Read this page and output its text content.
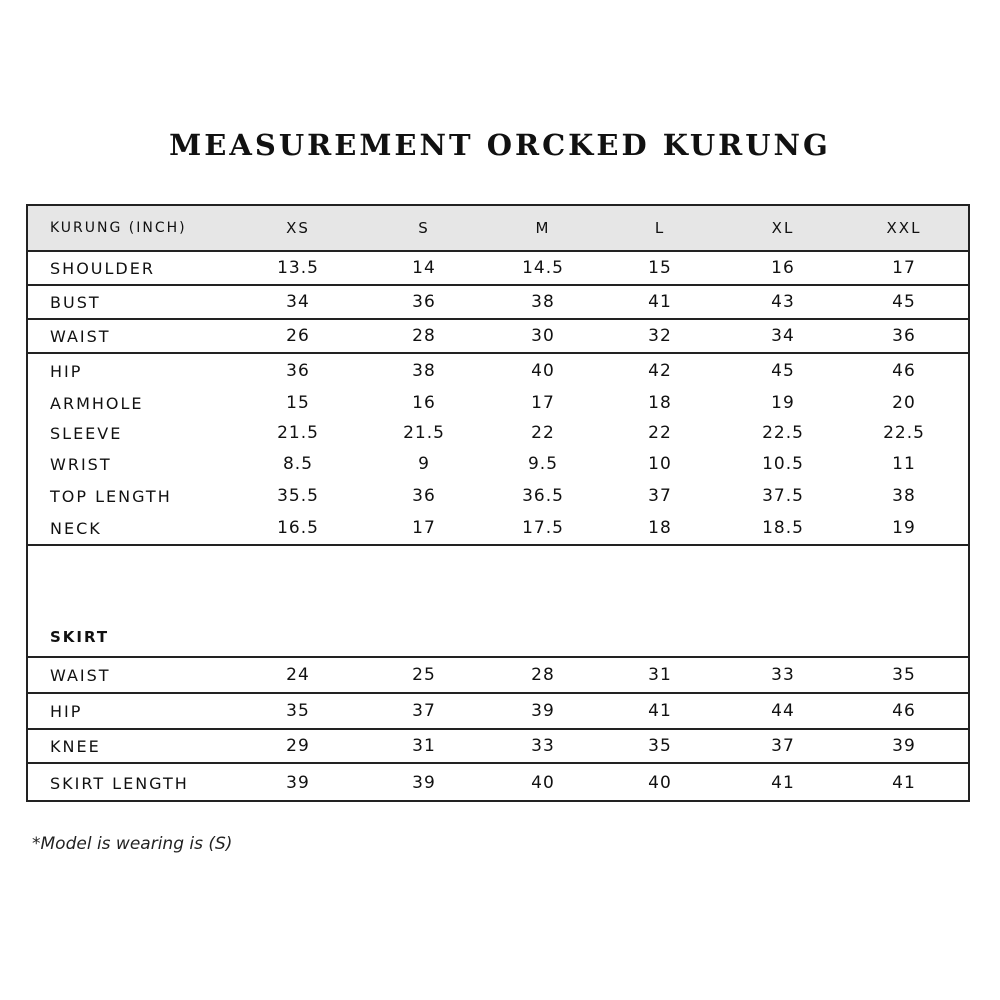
MEASUREMENT ORCKED KURUNG
KURUNG (INCH)	XS	S	M	L	XL	XXL
SHOULDER	13.5	14	14.5	15	16	17
BUST	34	36	38	41	43	45
WAIST	26	28	30	32	34	36
HIP	36	38	40	42	45	46
ARMHOLE	15	16	17	18	19	20
SLEEVE	21.5	21.5	22	22	22.5	22.5
WRIST	8.5	9	9.5	10	10.5	11
TOP LENGTH	35.5	36	36.5	37	37.5	38
NECK	16.5	17	17.5	18	18.5	19
SKIRT
WAIST	24	25	28	31	33	35
HIP	35	37	39	41	44	46
KNEE	29	31	33	35	37	39
SKIRT LENGTH	39	39	40	40	41	41
*Model is wearing is (S)
